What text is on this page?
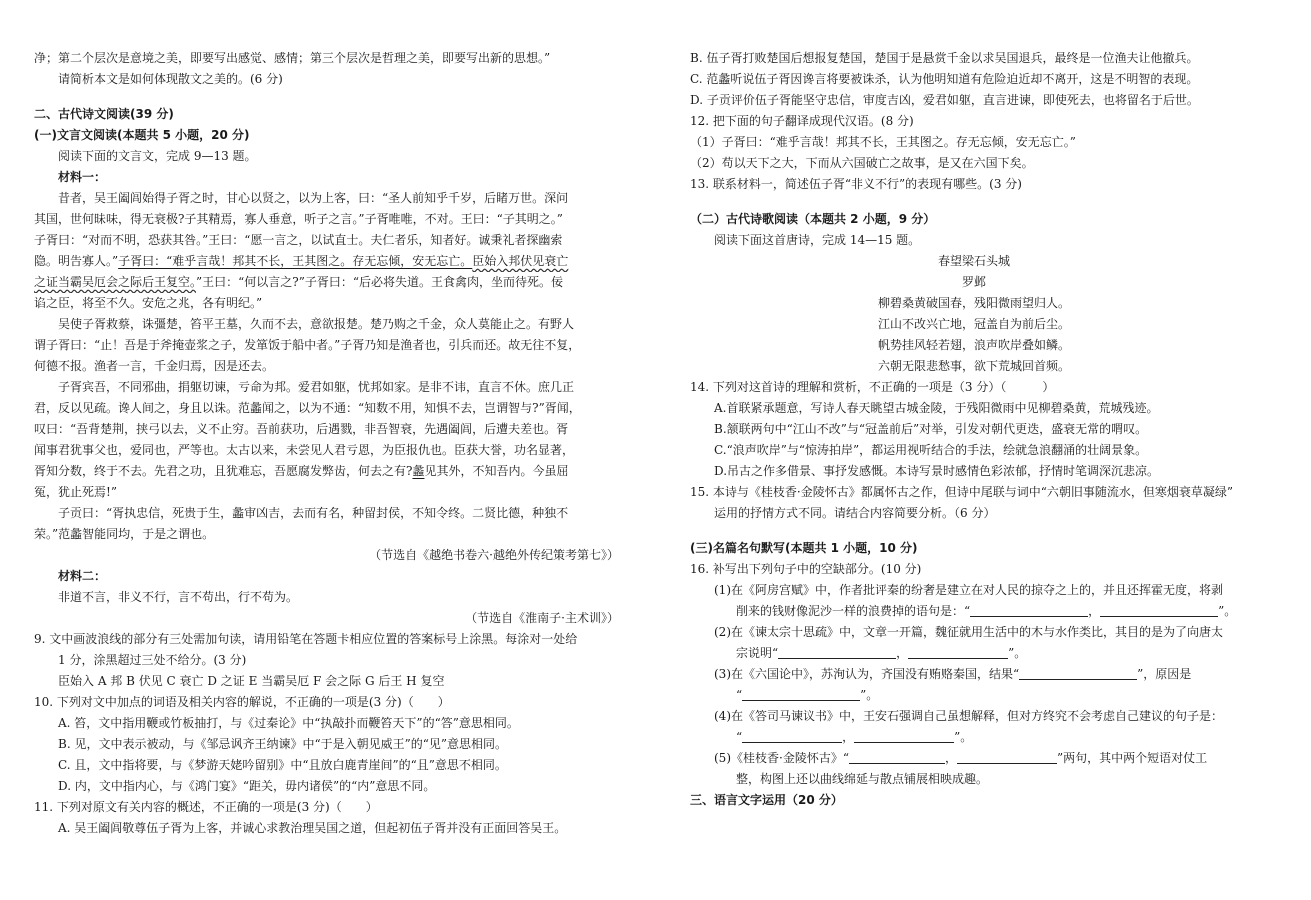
净；第二个层次是意境之美，即要写出感觉、感情；第三个层次是哲理之美，即要写出新的思想。”
请简析本文是如何体现散文之美的。(6 分)
二、古代诗文阅读(39 分)
(一)文言文阅读(本题共 5 小题，20 分)
阅读下面的文言文，完成 9—13 题。
材料一：
昔者，吴王阖闾始得子胥之时，甘心以贤之，以为上客，曰：“圣人前知乎千岁，后睹万世。深问
其国，世何昧味，得无衰极?子其精焉，寡人垂意，听子之言。”子胥唯唯，不对。王曰：“子其明之。”
子胥曰：“对而不明，恐获其咎。”王曰：“愿一言之，以试直士。夫仁者乐，知者好。诚秉礼者探幽索
隐。明告寡人。”子胥曰：“难乎言哉！邦其不长，王其图之。存无忘倾，安无忘亡。臣始入邦伏见衰亡
之证当霸吴厄会之际后王复空。”王曰：“何以言之?”子胥曰：“后必将失道。王食禽肉，坐而待死。佞
谄之臣，将至不久。安危之兆，各有明纪。”
吴使子胥救蔡，诛彊楚，笞平王墓，久而不去，意欲报楚。楚乃购之千金，众人莫能止之。有野人
谓子胥曰：“止！吾是于斧掩壶浆之子，发箪饭于船中者。”子胥乃知是渔者也，引兵而还。故无往不复，
何德不报。渔者一言，千金归焉，因是还去。
子胥宾吾，不同邪曲，捐躯切谏，亏命为邦。爱君如躯，忧邦如家。是非不讳，直言不休。庶几正
君，反以见疏。谗人间之，身且以诛。范蠡闻之，以为不通：“知数不用，知惧不去，岂谓智与?”胥闻，
叹曰：“吾背楚荆，挟弓以去，义不止穷。吾前获功，后遇戮，非吾智衰，先遇阖闾，后遭夫差也。胥
闻事君犹事父也，爱同也，严等也。太古以来，未尝见人君亏恩，为臣报仇也。臣获大誉，功名显著，
胥知分数，终于不去。先君之功，且犹难忘，吾愿腐发弊齿，何去之有?蠡见其外，不知吾内。今虽屈
冤，犹止死焉!”
子贡曰：“胥执忠信，死贵于生，蠡审凶吉，去而有名，种留封侯，不知令终。二贤比德，种独不
荣。”范蠡智能同均，于是之谓也。
（节选自《越绝书卷六·越绝外传纪策考第七》）
材料二：
非道不言，非义不行，言不苟出，行不苟为。
（节选自《淮南子·主术训》）
9. 文中画波浪线的部分有三处需加句读，请用铅笔在答题卡相应位置的答案标号上涂黑。每涂对一处给
1 分，涂黑超过三处不给分。(3 分)
臣始入 A 邦 B 伏见 C 衰亡 D 之证 E 当霸吴厄 F 会之际 G 后王 H 复空
10. 下列对文中加点的词语及相关内容的解说，不正确的一项是(3 分)（　　）
A. 笞，文中指用鞭或竹板抽打，与《过秦论》中“执敲扑而鞭笞天下”的“答”意思相同。
B. 见，文中表示被动，与《邹忌讽齐王纳谏》中“于是入朝见威王”的“见”意思相同。
C. 且，文中指将要，与《梦游天姥吟留别》中“且放白鹿青崖间”的“且”意思不相同。
D. 内，文中指内心，与《鸿门宴》“距关，毋内诸侯”的“内”意思不同。
11. 下列对原文有关内容的概述，不正确的一项是(3 分)（　　）
A. 吴王阖闾敬尊伍子胥为上客，并诚心求教治理吴国之道，但起初伍子胥并没有正面回答吴王。
B. 伍子胥打败楚国后想报复楚国，楚国于是悬赏千金以求吴国退兵，最终是一位渔夫让他撤兵。
C. 范蠡听说伍子胥因谗言将要被诛杀，认为他明知道有危险迫近却不离开，这是不明智的表现。
D. 子贡评价伍子胥能坚守忠信，审度吉凶，爱君如躯，直言进谏，即使死去，也将留名于后世。
12. 把下面的句子翻译成现代汉语。(8 分)
（1）子胥曰：“难乎言哉！邦其不长，王其图之。存无忘倾，安无忘亡。”
（2）苟以天下之大，下而从六国破亡之故事，是又在六国下矣。
13. 联系材料一，简述伍子胥“非义不行”的表现有哪些。(3 分)
（二）古代诗歌阅读（本题共 2 小题，9 分）
阅读下面这首唐诗，完成 14—15 题。
春望梁石头城
罗邺
柳碧桑黄破国春，残阳微雨望归人。
江山不改兴亡地，冠盖自为前后尘。
帆势挂风轻若翅，浪声吹岸叠如鳞。
六朝无限悲愁事，欲下荒城回首频。
14. 下列对这首诗的理解和赏析，不正确的一项是（3 分）（　　　）
A.首联紧承题意，写诗人春天眺望古城金陵，于残阳微雨中见柳碧桑黄，荒城残迹。
B.颔联两句中“江山不改”与“冠盖前后”对举，引发对朝代更迭，盛衰无常的喟叹。
C.“浪声吹岸”与“惊涛拍岸”，都运用视听结合的手法，绘就急浪翻涌的壮阔景象。
D.吊古之作多借景、事抒发感慨。本诗写景时感情色彩浓郁，抒情时笔调深沉悲凉。
15. 本诗与《桂枝香·金陵怀古》都属怀古之作，但诗中尾联与词中“六朝旧事随流水，但寒烟衰草凝绿”
运用的抒情方式不同。请结合内容简要分析。（6 分）
(三)名篇名句默写(本题共 1 小题，10 分)
16. 补写出下列句子中的空缺部分。(10 分)
(1)在《阿房宫赋》中，作者批评秦的纷奢是建立在对人民的掠夺之上的，并且还挥霍无度，将剥
削来的钱财像泥沙一样的浪费掉的语句是：“	，	”。
(2)在《谏太宗十思疏》中，文章一开篇，魏征就用生活中的木与水作类比，其目的是为了向唐太
宗说明“	，	”。
(3)在《六国论中》，苏洵认为，齐国没有贿赂秦国，结果“	”，原因是
“	”。
(4)在《答司马谏议书》中，王安石强调自己虽想解释，但对方终究不会考虑自己建议的句子是：
“	，	”。
(5)《桂枝香·金陵怀古》“	，	”两句，其中两个短语对仗工
整，构图上还以曲线绵延与散点铺展相映成趣。
三、语言文字运用（20 分）
